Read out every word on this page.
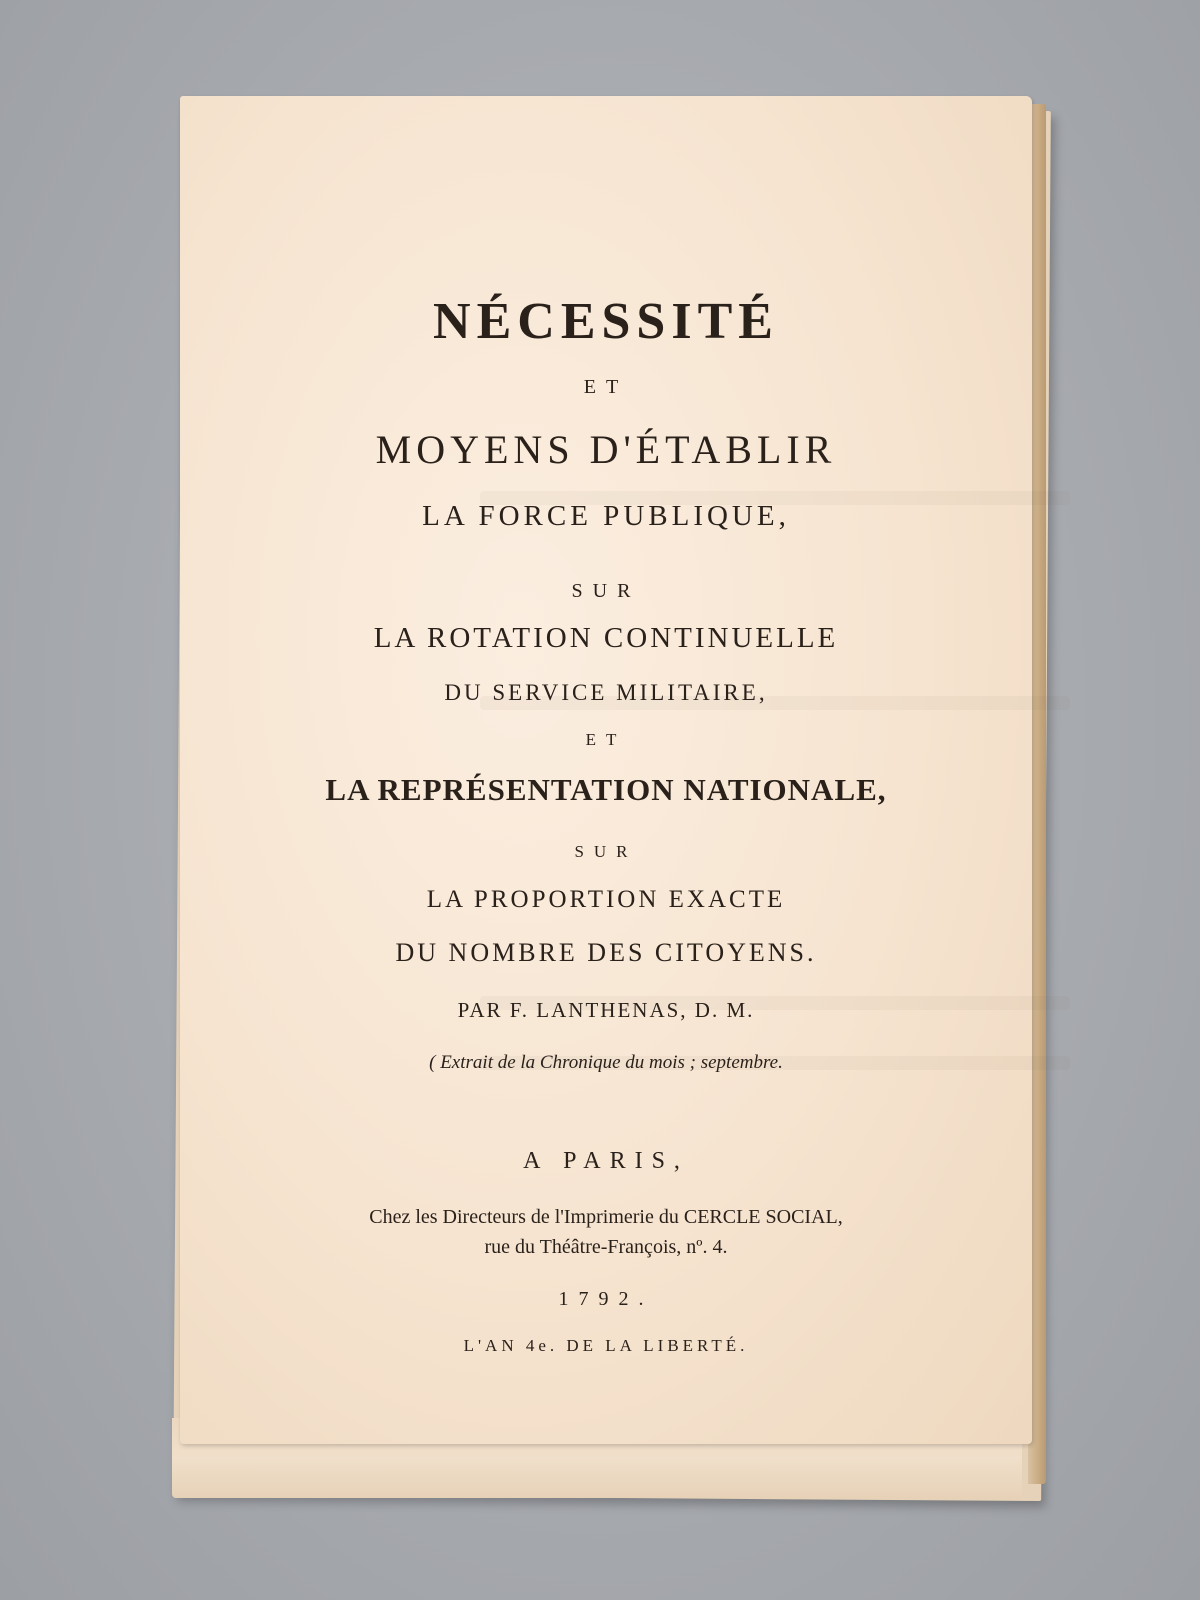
NÉCESSITÉ
ET
MOYENS D'ÉTABLIR
LA FORCE PUBLIQUE,
SUR
LA ROTATION CONTINUELLE
DU SERVICE MILITAIRE,
ET
LA REPRÉSENTATION NATIONALE,
SUR
LA PROPORTION EXACTE
DU NOMBRE DES CITOYENS.
PAR F. LANTHENAS, D. M.
( Extrait de la Chronique du mois ; septembre.
A PARIS,
Chez les Directeurs de l'Imprimerie du CERCLE SOCIAL,
rue du Théâtre-François, nº. 4.
1792.
L'AN 4e. DE LA LIBERTÉ.
